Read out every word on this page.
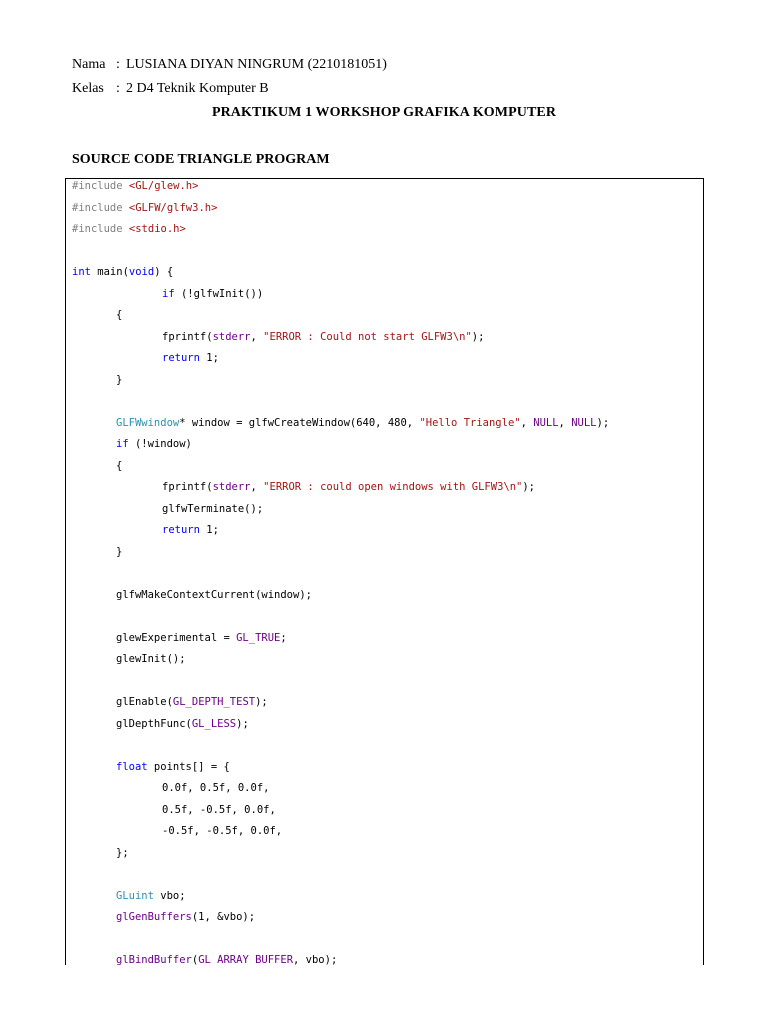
Nama : LUSIANA DIYAN NINGRUM (2210181051)
Kelas : 2 D4 Teknik Komputer B
PRAKTIKUM 1 WORKSHOP GRAFIKA KOMPUTER
SOURCE CODE TRIANGLE PROGRAM
#include <GL/glew.h>
#include <GLFW/glfw3.h>
#include <stdio.h>
int main(void) {
if (!glfwInit())
{
fprintf(stderr, "ERROR : Could not start GLFW3\n");
return 1;
}
GLFWwindow* window = glfwCreateWindow(640, 480, "Hello Triangle", NULL, NULL);
if (!window)
{
fprintf(stderr, "ERROR : could open windows with GLFW3\n");
glfwTerminate();
return 1;
}
glfwMakeContextCurrent(window);
glewExperimental = GL_TRUE;
glewInit();
glEnable(GL_DEPTH_TEST);
glDepthFunc(GL_LESS);
float points[] = {
0.0f, 0.5f, 0.0f,
0.5f, -0.5f, 0.0f,
-0.5f, -0.5f, 0.0f,
};
GLuint vbo;
glGenBuffers(1, &vbo);
glBindBuffer(GL_ARRAY_BUFFER, vbo);
